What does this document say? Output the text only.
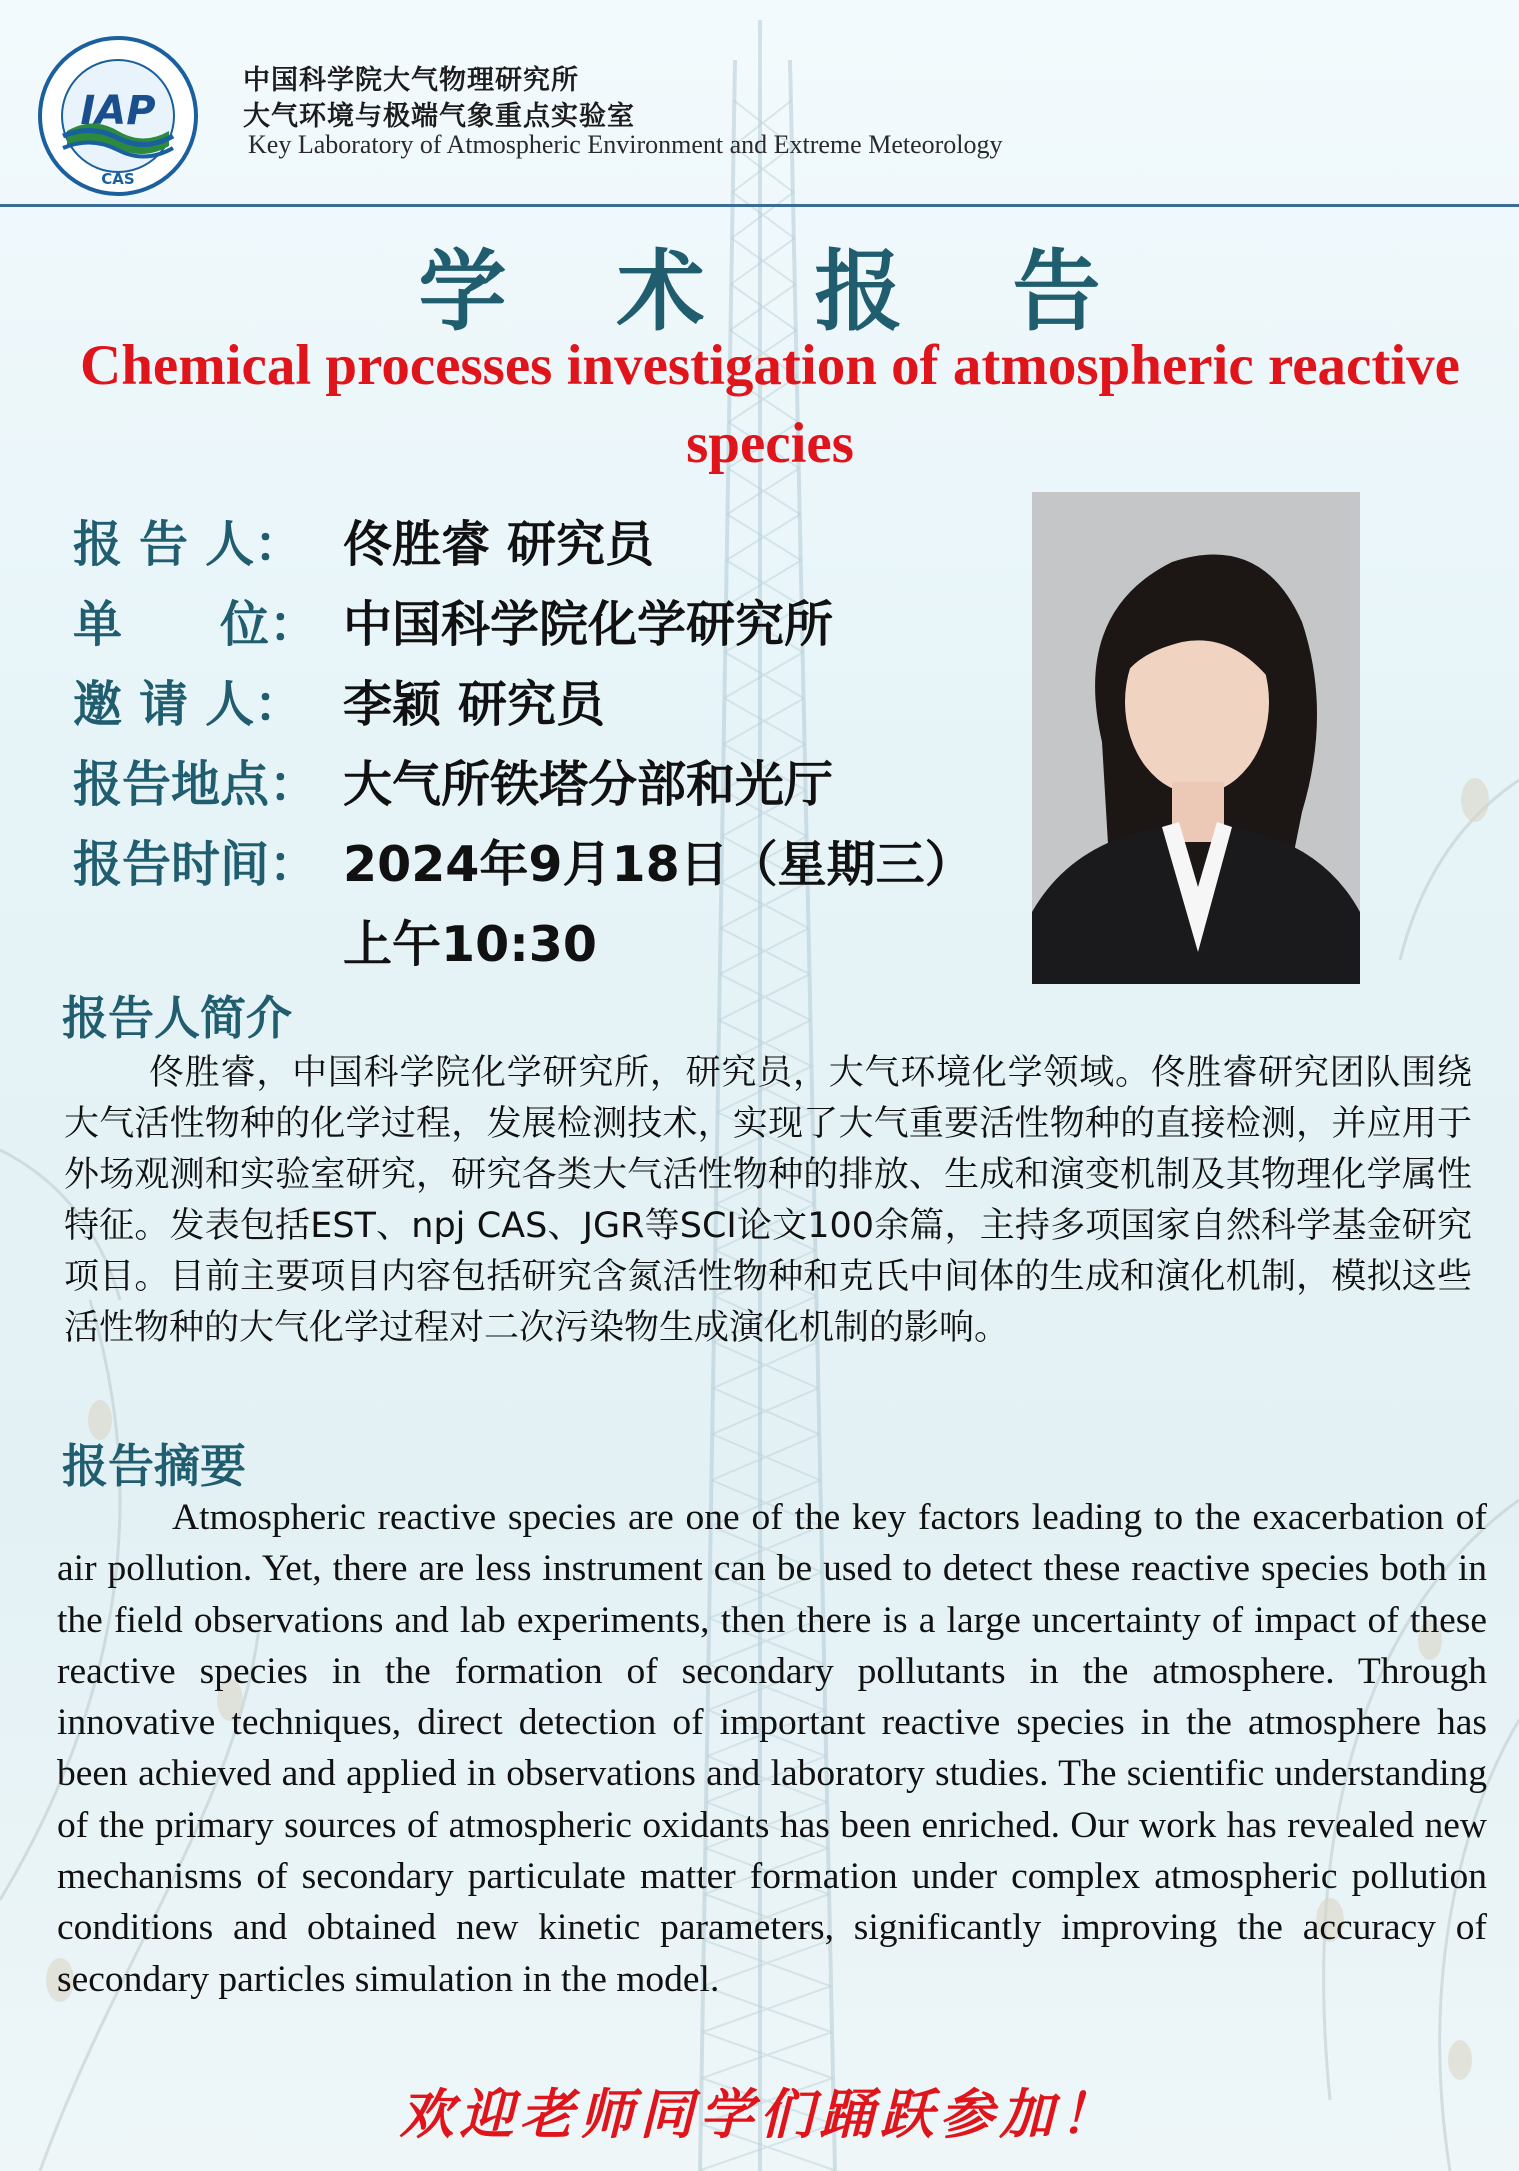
IAP
CAS
中国科学院大气物理研究所
大气环境与极端气象重点实验室
Key Laboratory of Atmospheric Environment and Extreme Meteorology
学术报告
Chemical processes investigation of atmospheric reactive species
报 告 人： 佟胜睿 研究员
单　　位： 中国科学院化学研究所
邀 请 人： 李颖 研究员
报告地点： 大气所铁塔分部和光厅
报告时间： 2024年9月18日（星期三）
上午10:30
报告人简介
佟胜睿，中国科学院化学研究所，研究员，大气环境化学领域。佟胜睿研究团队围绕大气活性物种的化学过程，发展检测技术，实现了大气重要活性物种的直接检测，并应用于外场观测和实验室研究，研究各类大气活性物种的排放、生成和演变机制及其物理化学属性特征。发表包括EST、npj CAS、JGR等SCI论文100余篇，主持多项国家自然科学基金研究项目。目前主要项目内容包括研究含氮活性物种和克氏中间体的生成和演化机制，模拟这些活性物种的大气化学过程对二次污染物生成演化机制的影响。
报告摘要
Atmospheric reactive species are one of the key factors leading to the exacerbation of air pollution. Yet, there are less instrument can be used to detect these reactive species both in the field observations and lab experiments, then there is a large uncertainty of impact of these reactive species in the formation of secondary pollutants in the atmosphere. Through innovative techniques, direct detection of important reactive species in the atmosphere has been achieved and applied in observations and laboratory studies. The scientific understanding of the primary sources of atmospheric oxidants has been enriched. Our work has revealed new mechanisms of secondary particulate matter formation under complex atmospheric pollution conditions and obtained new kinetic parameters, significantly improving the accuracy of secondary particles simulation in the model.
欢迎老师同学们踊跃参加！
